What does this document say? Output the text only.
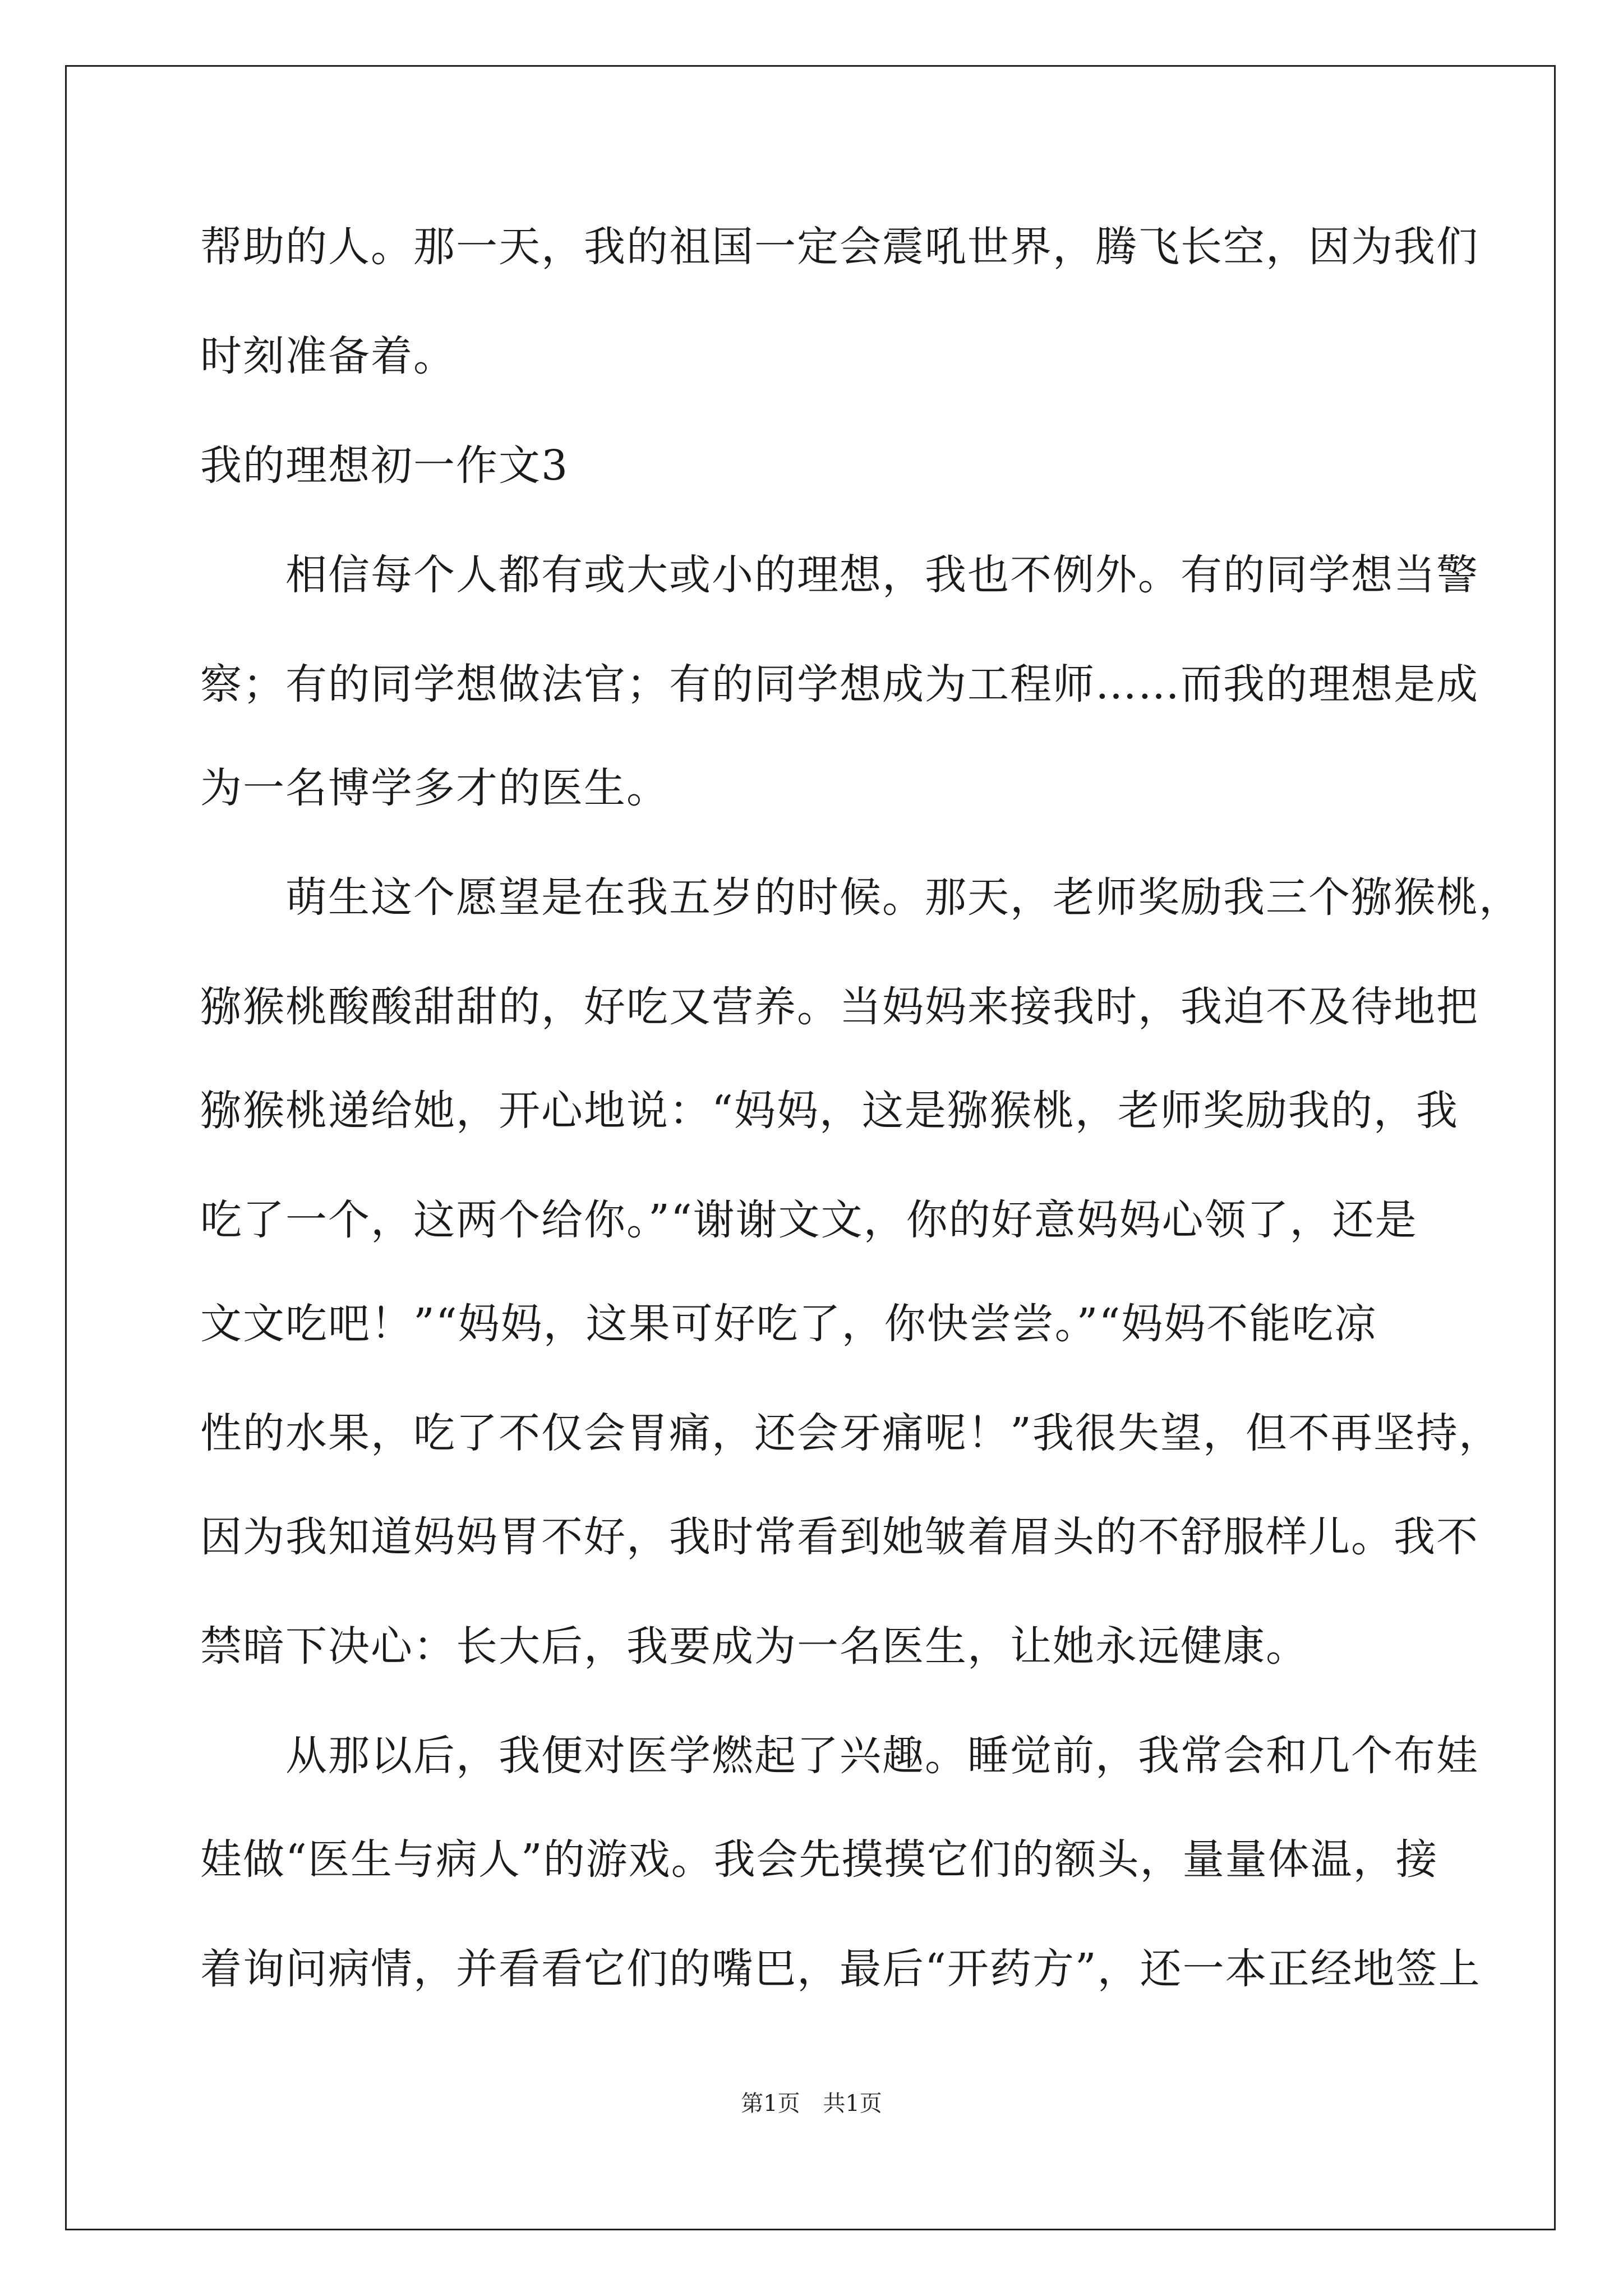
帮助的人。那一天，我的祖国一定会震吼世界，腾飞长空，因为我们
时刻准备着。
我的理想初一作文3
　　相信每个人都有或大或小的理想，我也不例外。有的同学想当警
察；有的同学想做法官；有的同学想成为工程师……而我的理想是成
为一名博学多才的医生。
　　萌生这个愿望是在我五岁的时候。那天，老师奖励我三个猕猴桃，
猕猴桃酸酸甜甜的，好吃又营养。当妈妈来接我时，我迫不及待地把
猕猴桃递给她，开心地说：“妈妈，这是猕猴桃，老师奖励我的，我
吃了一个，这两个给你。”“谢谢文文，你的好意妈妈心领了，还是
文文吃吧！”“妈妈，这果可好吃了，你快尝尝。”“妈妈不能吃凉
性的水果，吃了不仅会胃痛，还会牙痛呢！”我很失望，但不再坚持，
因为我知道妈妈胃不好，我时常看到她皱着眉头的不舒服样儿。我不
禁暗下决心：长大后，我要成为一名医生，让她永远健康。
　　从那以后，我便对医学燃起了兴趣。睡觉前，我常会和几个布娃
娃做“医生与病人”的游戏。我会先摸摸它们的额头，量量体温，接
着询问病情，并看看它们的嘴巴，最后“开药方”，还一本正经地签上
第1页 共1页
